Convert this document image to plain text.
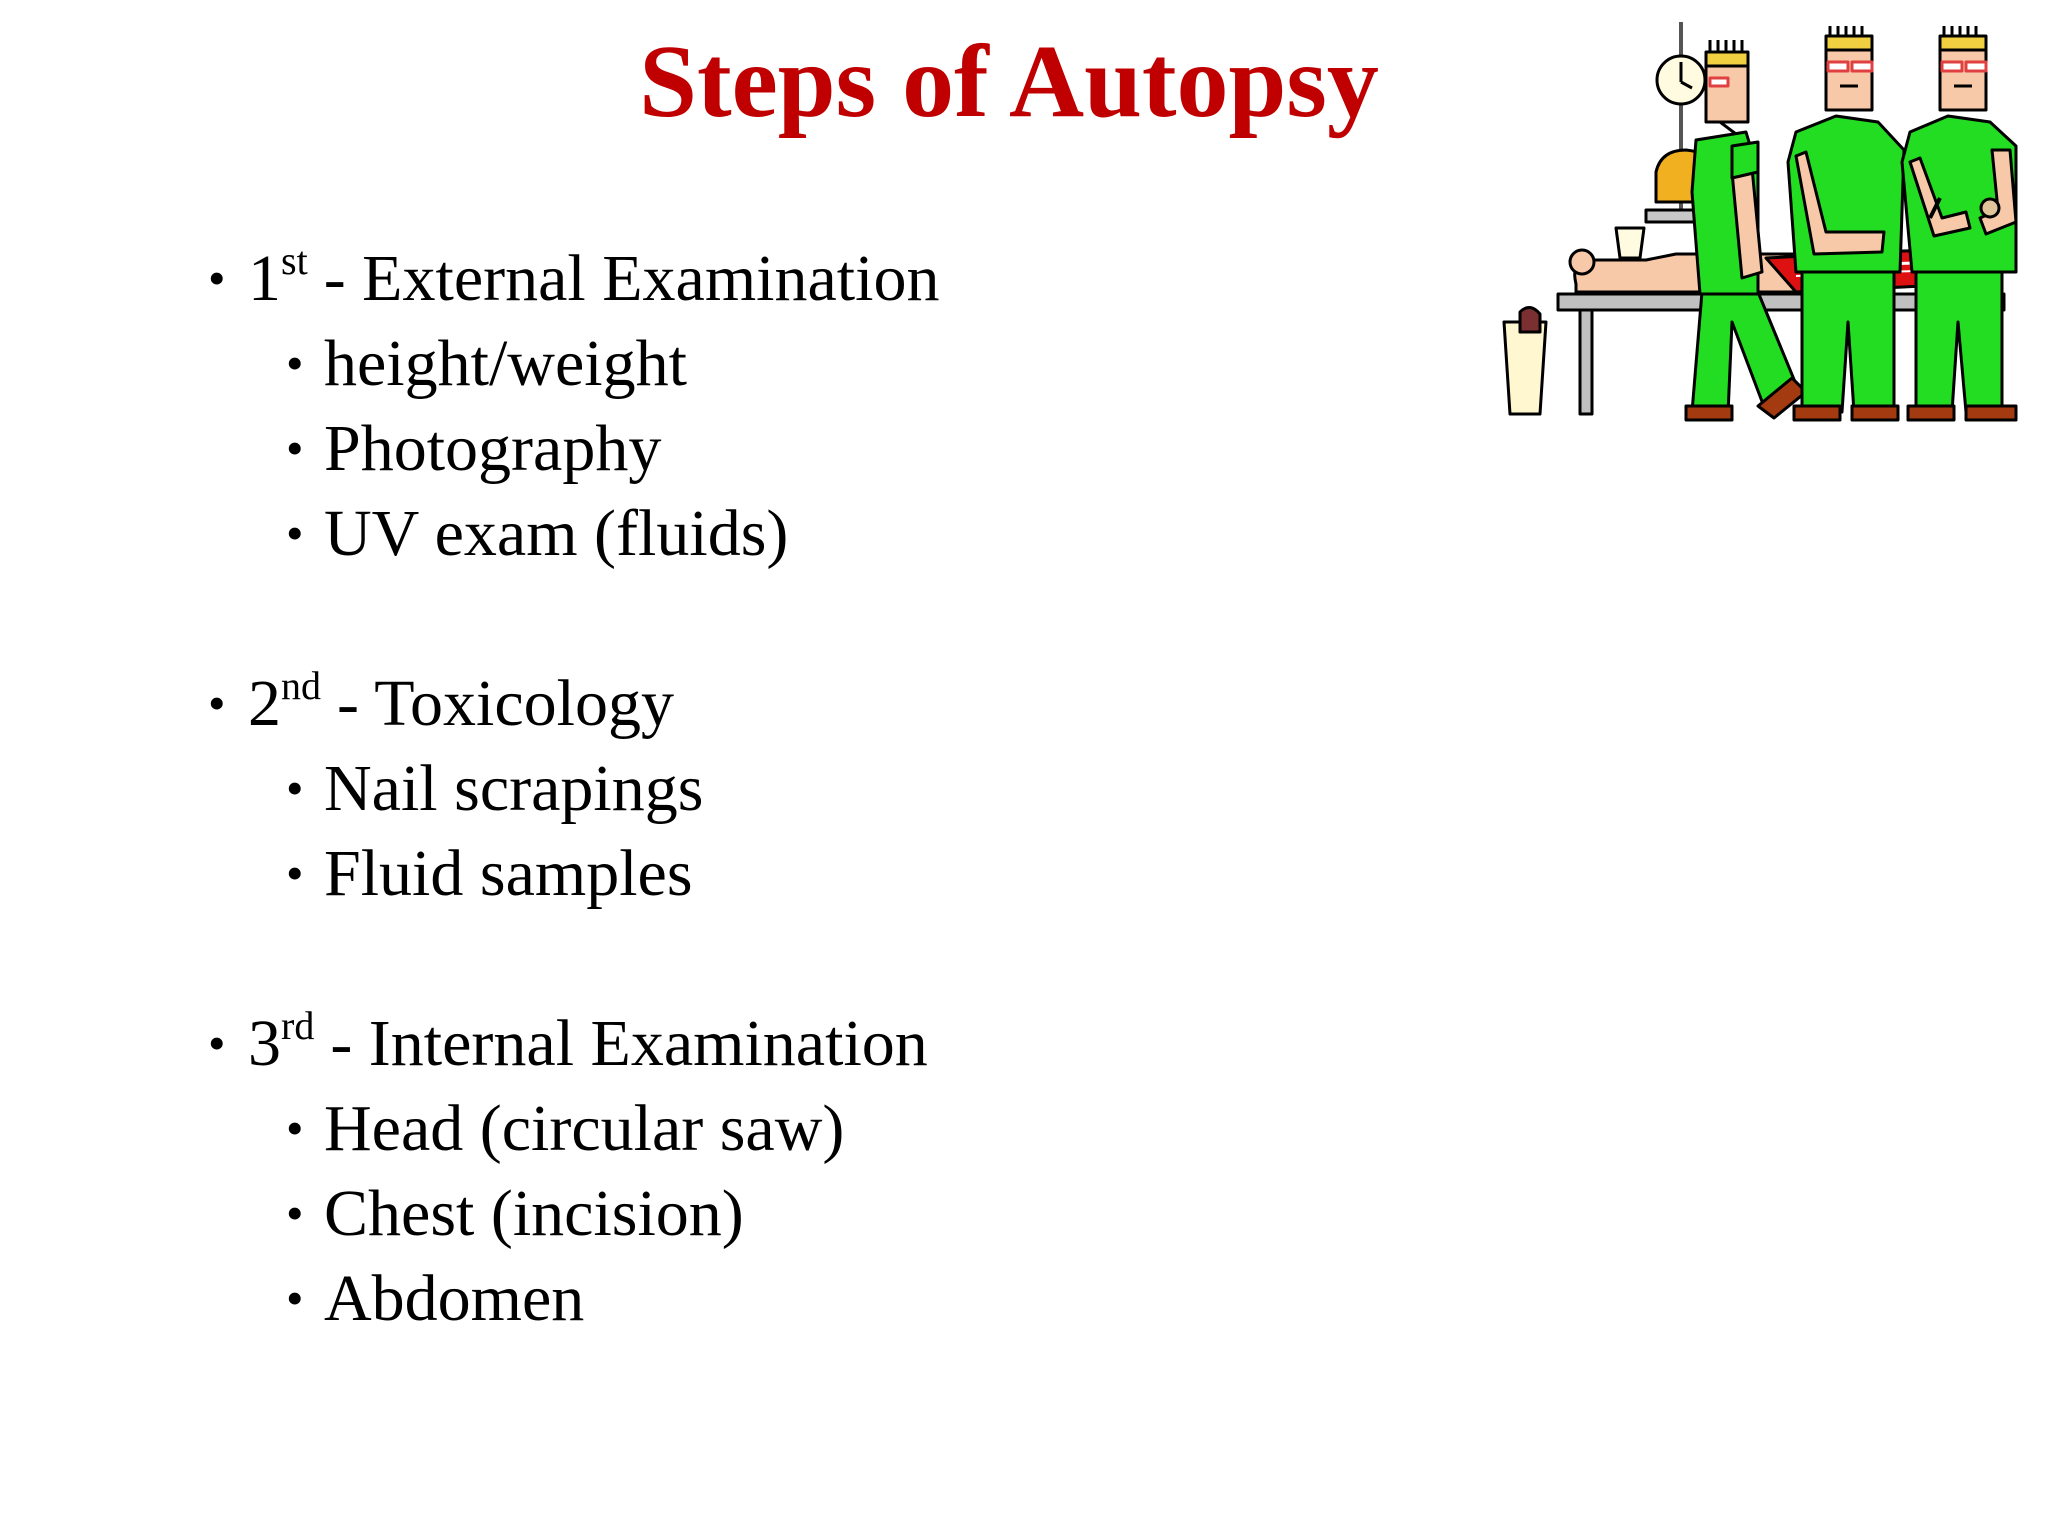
Steps of Autopsy
• 1st - External Examination
• height/weight
• Photography
• UV exam (fluids)
• 2nd - Toxicology
• Nail scrapings
• Fluid samples
• 3rd - Internal Examination
• Head (circular saw)
• Chest (incision)
• Abdomen
